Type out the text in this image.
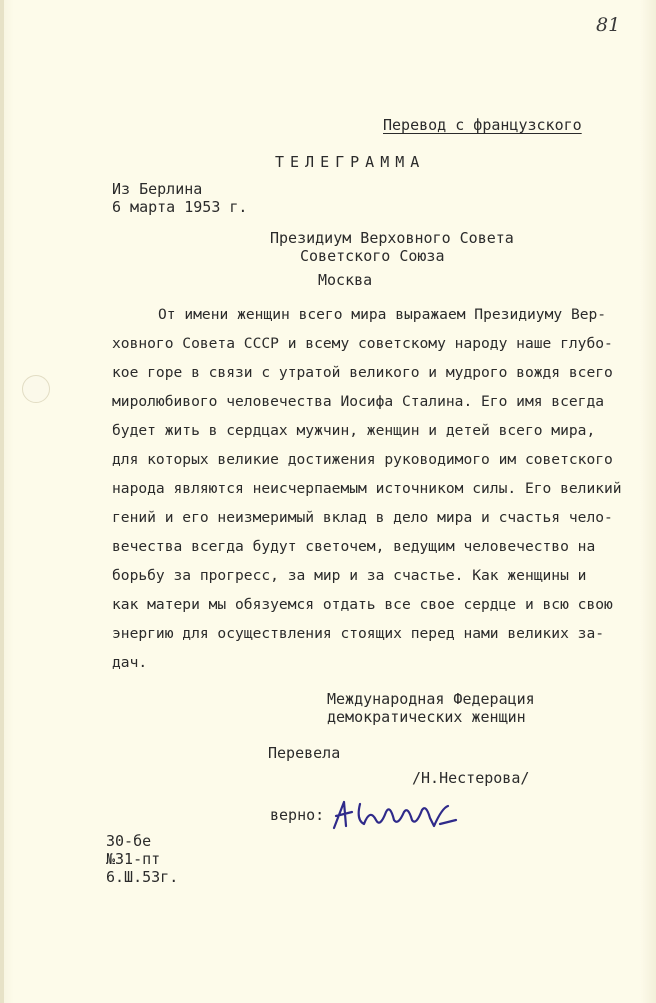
81
Перевод с французского
ТЕЛЕГРАММА
Из Берлина
6 марта 1953 г.
Президиум Верховного Совета
Советского Союза
Москва
От имени женщин всего мира выражаем Президиуму Вер-
ховного Совета СССР и всему советскому народу наше глубо-
кое горе в связи с утратой великого и мудрого вождя всего
миролюбивого человечества Иосифа Сталина. Его имя всегда
будет жить в сердцах мужчин, женщин и детей всего мира,
для которых великие достижения руководимого им советского
народа являются неисчерпаемым источником силы. Его великий
гений и его неизмеримый вклад в дело мира и счастья чело-
вечества всегда будут светочем, ведущим человечество на
борьбу за прогресс, за мир и за счастье. Как женщины и
как матери мы обязуемся отдать все свое сердце и всю свою
энергию для осуществления стоящих перед нами великих за-
дач.
Международная Федерация
демократических женщин
Перевела
/Н.Нестерова/
верно:
30-бе
№31-пт
6.Ш.53г.
